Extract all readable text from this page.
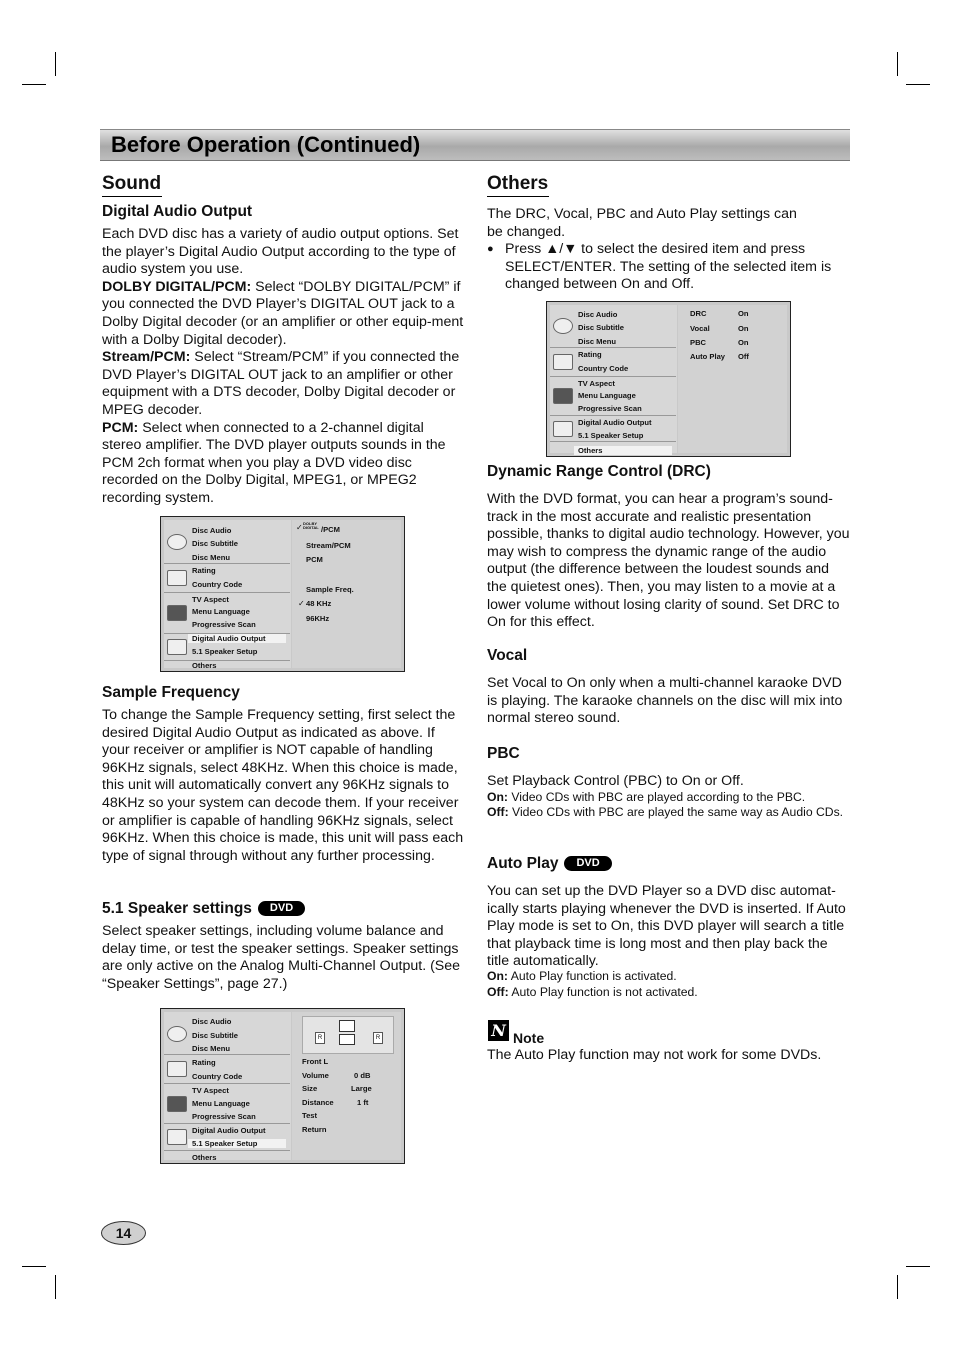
Before Operation (Continued)
Sound

Digital Audio Output

Each DVD disc has a variety of audio output options. Set the player’s Digital Audio Output according to the type of audio system you use.
DOLBY DIGITAL/PCM: Select “DOLBY DIGITAL/PCM” if you connected the DVD Player’s DIGITAL OUT jack to a Dolby Digital decoder (or an amplifier or other equip-ment with a Dolby Digital decoder).
Stream/PCM: Select “Stream/PCM” if you connected the DVD Player’s DIGITAL OUT jack to an amplifier or other equipment with a DTS decoder, Dolby Digital decoder or MPEG decoder.
PCM: Select when connected to a 2-channel digital stereo amplifier. The DVD player outputs sounds in the PCM 2ch format when you play a DVD video disc recorded on the Dolby Digital, MPEG1, or MPEG2 recording system.

Disc Audio
Disc Subtitle
Disc Menu
Rating
Country Code
TV Aspect
Menu Language
Progressive Scan
Digital Audio Output
5.1 Speaker Setup
Others
✓ DOLBY DIGITAL /PCM
Stream/PCM
PCM
Sample Freq.
✓ 48 KHz
96KHz

Sample Frequency

To change the Sample Frequency setting, first select the desired Digital Audio Output as indicated as above. If your receiver or amplifier is NOT capable of handling 96KHz signals, select 48KHz. When this choice is made, this unit will automatically convert any 96KHz signals to 48KHz so your system can decode them. If your receiver or amplifier is capable of handling 96KHz signals, select 96KHz. When this choice is made, this unit will pass each type of signal through without any further processing.

5.1 Speaker settings DVD

Select speaker settings, including volume balance and delay time, or test the speaker settings. Speaker settings are only active on the Analog Multi-Channel Output. (See “Speaker Settings”, page 27.)

Disc Audio
Disc Subtitle
Disc Menu
Rating
Country Code
TV Aspect
Menu Language
Progressive Scan
Digital Audio Output
5.1 Speaker Setup
Others
R	R
Front L
Volume	0 dB
Size	Large
Distance	1 ft
Test
Return
Others

The DRC, Vocal, PBC and Auto Play settings can be changed.

● Press ▲/▼ to select the desired item and press SELECT/ENTER. The setting of the selected item is changed between On and Off.

Disc Audio
Disc Subtitle
Disc Menu
Rating
Country Code
TV Aspect
Menu Language
Progressive Scan
Digital Audio Output
5.1 Speaker Setup
Others
DRC	On
Vocal	On
PBC	On
Auto Play Off

Dynamic Range Control (DRC)

With the DVD format, you can hear a program’s sound-track in the most accurate and realistic presentation possible, thanks to digital audio technology. However, you may wish to compress the dynamic range of the audio output (the difference between the loudest sounds and the quietest ones). Then, you may listen to a movie at a lower volume without losing clarity of sound. Set DRC to On for this effect.

Vocal

Set Vocal to On only when a multi-channel karaoke DVD is playing. The karaoke channels on the disc will mix into normal stereo sound.

PBC

Set Playback Control (PBC) to On or Off.

On: Video CDs with PBC are played according to the PBC.

Off: Video CDs with PBC are played the same way as Audio CDs.

Auto Play DVD

You can set up the DVD Player so a DVD disc automat-ically starts playing whenever the DVD is inserted. If Auto Play mode is set to On, this DVD player will search a title that playback time is long most and then play back the title automatically.

On: Auto Play function is activated.

Off: Auto Play function is not activated.

N Note

The Auto Play function may not work for some DVDs.

14
